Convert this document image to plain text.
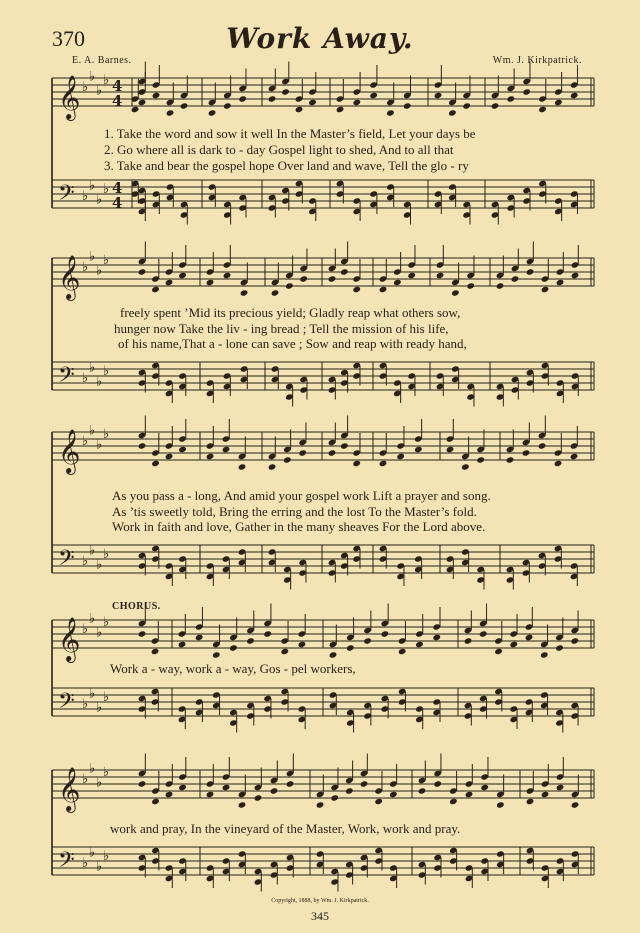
370	Work Away.
E. A. Barnes.	Wm. J. Kirkpatrick.
𝄞 ♭
♭
♭
♭ 4
4
𝄢 ♭
♭
♭
♭ 4
4
𝄞 ♭
♭
♭
♭
𝄢 ♭
♭
♭
♭
𝄞 ♭
♭
♭
♭
𝄢 ♭
♭
♭
♭
𝄞 ♭
♭
♭
♭
𝄢 ♭
♭
♭
♭
𝄞 ♭
♭
♭
♭
𝄢 ♭
♭
♭
♭
1. Take the word and sow it well In the Master’s field, Let your days be
2. Go where all is dark to - day Gospel light to shed, And to all that
3. Take and bear the gospel hope Over land and wave, Tell the glo - ry
freely spent ’Mid its precious yield; Gladly reap what others sow,
hunger now Take the liv - ing bread ; Tell the mission of his life,
of his name,That a - lone can save ; Sow and reap with ready hand,
As you pass a - long, And amid your gospel work Lift a prayer and song.
As ’tis sweetly told, Bring the erring and the lost To the Master’s fold.
Work in faith and love, Gather in the many sheaves For the Lord above.
CHORUS.
Work a - way, work a - way, Gos - pel workers,
work and pray, In the vineyard of the Master, Work, work and pray.
Copyright, 1888, by Wm. J. Kirkpatrick.
345
